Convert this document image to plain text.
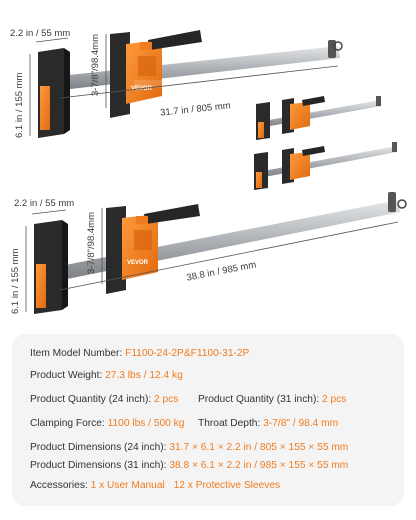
VEVOR
VEVOR
2.2 in / 55 mm
6.1 in / 155 mm
3-7/8"/98.4mm
31.7 in / 805 mm
2.2 in / 55 mm
6.1 in / 155 mm
3-7/8"/98.4mm	38.8 in / 985 mm
Item Model Number: F1100-24-2P&F1100-31-2P
Product Weight: 27.3 lbs / 12.4 kg
Product Quantity (24 inch): 2 pcs Product Quantity (31 inch): 2 pcs
Clamping Force: 1100 lbs / 500 kg Throat Depth: 3-7/8" / 98.4 mm
Product Dimensions (24 inch): 31.7 × 6.1 × 2.2 in / 805 × 155 × 55 mm
Product Dimensions (31 inch): 38.8 × 6.1 × 2.2 in / 985 × 155 × 55 mm
Accessories: 1 x User Manual 12 x Protective Sleeves
